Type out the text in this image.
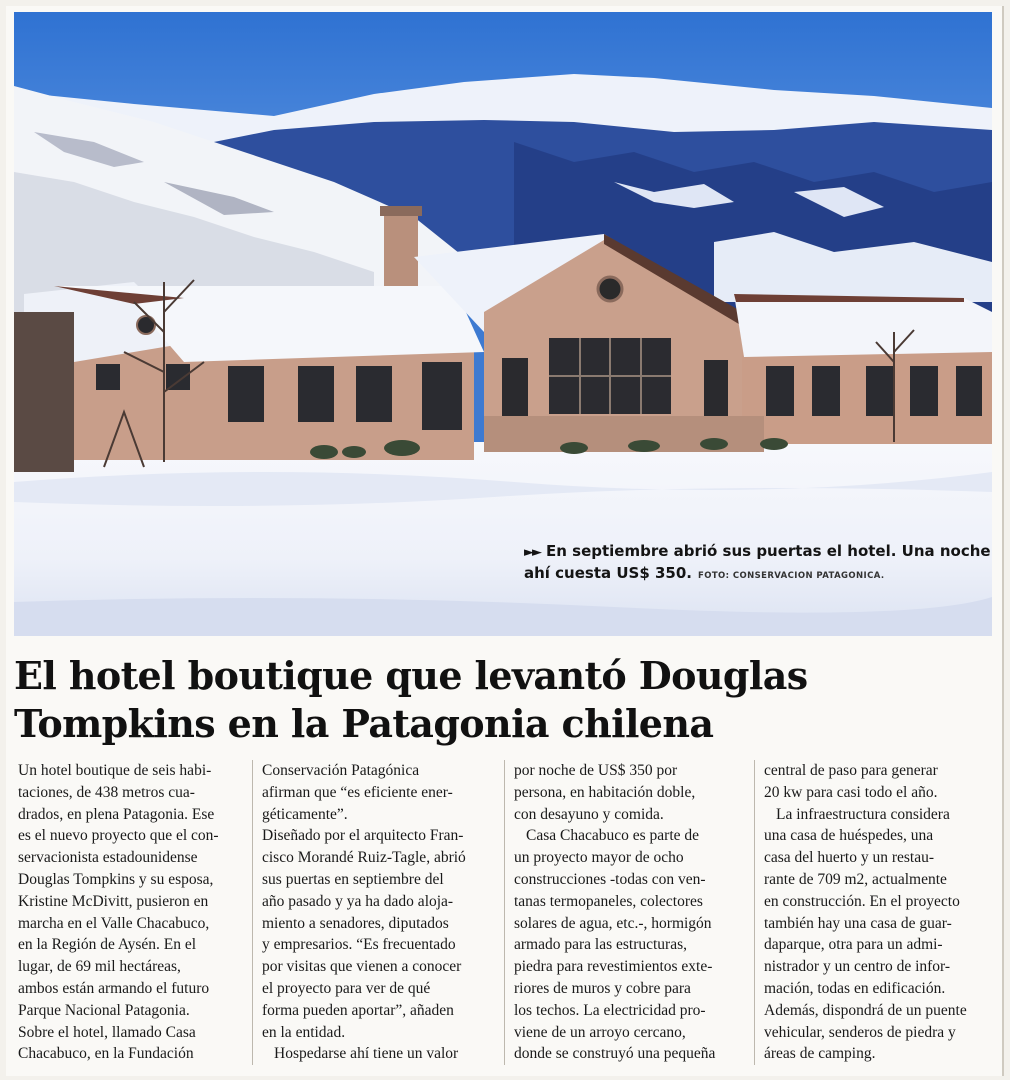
►► En septiembre abrió sus puertas el hotel. Una noche ahí cuesta US$ 350. FOTO: CONSERVACION PATAGONICA.
El hotel boutique que levantó Douglas
Tompkins en la Patagonia chilena
Un hotel boutique de seis habi-
taciones, de 438 metros cua-
drados, en plena Patagonia. Ese
es el nuevo proyecto que el con-
servacionista estadounidense
Douglas Tompkins y su esposa,
Kristine McDivitt, pusieron en
marcha en el Valle Chacabuco,
en la Región de Aysén. En el
lugar, de 69 mil hectáreas,
ambos están armando el futuro
Parque Nacional Patagonia.
Sobre el hotel, llamado Casa
Chacabuco, en la Fundación
Conservación Patagónica
afirman que “es eficiente ener-
géticamente”.
Diseñado por el arquitecto Fran-
cisco Morandé Ruiz-Tagle, abrió
sus puertas en septiembre del
año pasado y ya ha dado aloja-
miento a senadores, diputados
y empresarios. “Es frecuentado
por visitas que vienen a conocer
el proyecto para ver de qué
forma pueden aportar”, añaden
en la entidad.
Hospedarse ahí tiene un valor
por noche de US$ 350 por
persona, en habitación doble,
con desayuno y comida.
Casa Chacabuco es parte de
un proyecto mayor de ocho
construcciones -todas con ven-
tanas termopaneles, colectores
solares de agua, etc.-, hormigón
armado para las estructuras,
piedra para revestimientos exte-
riores de muros y cobre para
los techos. La electricidad pro-
viene de un arroyo cercano,
donde se construyó una pequeña
central de paso para generar
20 kw para casi todo el año.
La infraestructura considera
una casa de huéspedes, una
casa del huerto y un restau-
rante de 709 m2, actualmente
en construcción. En el proyecto
también hay una casa de guar-
daparque, otra para un admi-
nistrador y un centro de infor-
mación, todas en edificación.
Además, dispondrá de un puente
vehicular, senderos de piedra y
áreas de camping.
